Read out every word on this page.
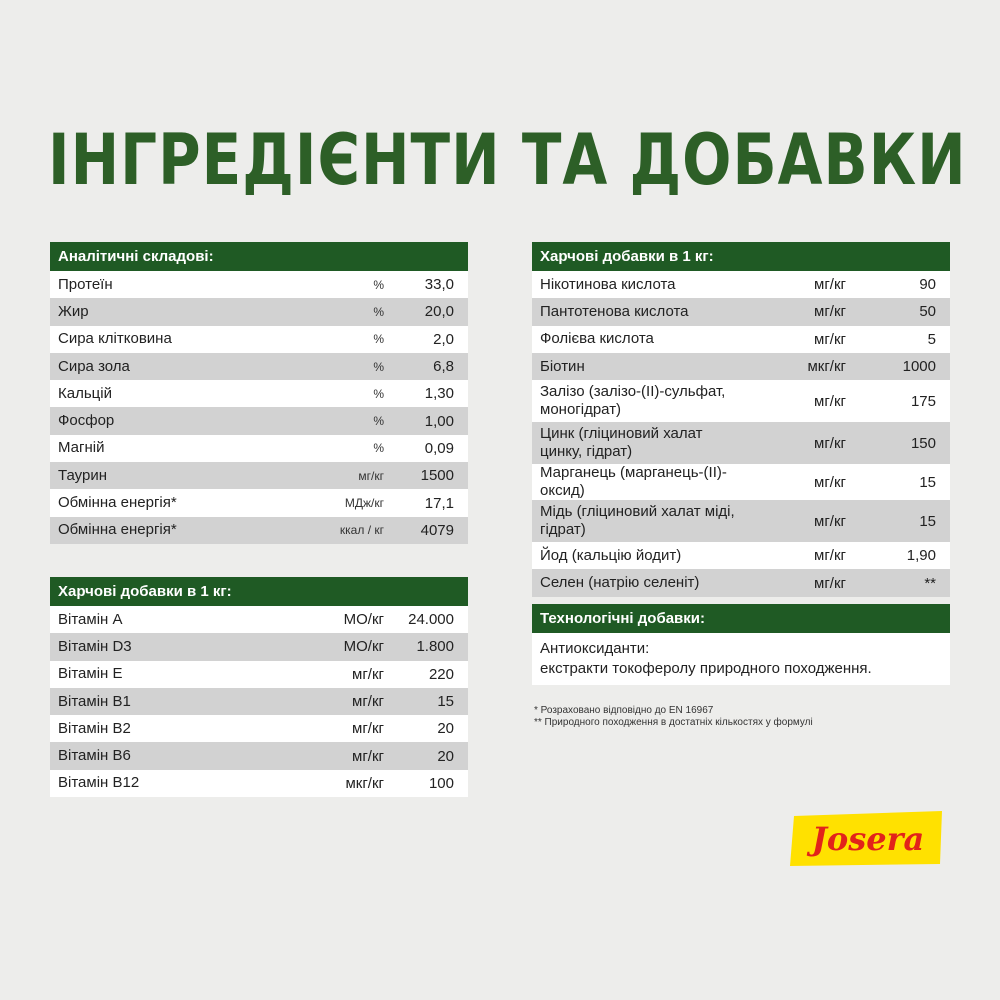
ІНГРЕДІЄНТИ ТА ДОБАВКИ
Аналітичні складові:
Протеїн	%	33,0
Жир	%	20,0
Сира клітковина	%	2,0
Сира зола	%	6,8
Кальцій	%	1,30
Фосфор	%	1,00
Магній	%	0,09
Таурин	мг/кг	1500
Обмінна енергія*	МДж/кг	17,1
Обмінна енергія*	ккал / кг	4079
Харчові добавки в 1 кг:
Вітамін А	МО/кг	24.000
Вітамін D3	МО/кг	1.800
Вітамін Е	мг/кг	220
Вітамін В1	мг/кг	15
Вітамін В2	мг/кг	20
Вітамін В6	мг/кг	20
Вітамін В12	мкг/кг	100
Харчові добавки в 1 кг:
Нікотинова кислота	мг/кг	90
Пантотенова кислота	мг/кг	50
Фолієва кислота	мг/кг	5
Біотин	мкг/кг	1000
Залізо (залізо-(II)-сульфат, моногідрат)	мг/кг	175
Цинк (гліциновий халат цинку, гідрат)	мг/кг	150
Марганець (марганець-(II)-оксид)	мг/кг	15
Мідь (гліциновий халат міді, гідрат)	мг/кг	15
Йод (кальцію йодит)	мг/кг	1,90
Селен (натрію селеніт)	мг/кг	**
Технологічні добавки:
Антиоксиданти:
екстракти токоферолу природного походження.
* Розраховано відповідно до EN 16967
** Природного походження в достатніх кількостях у формулі
Josera
